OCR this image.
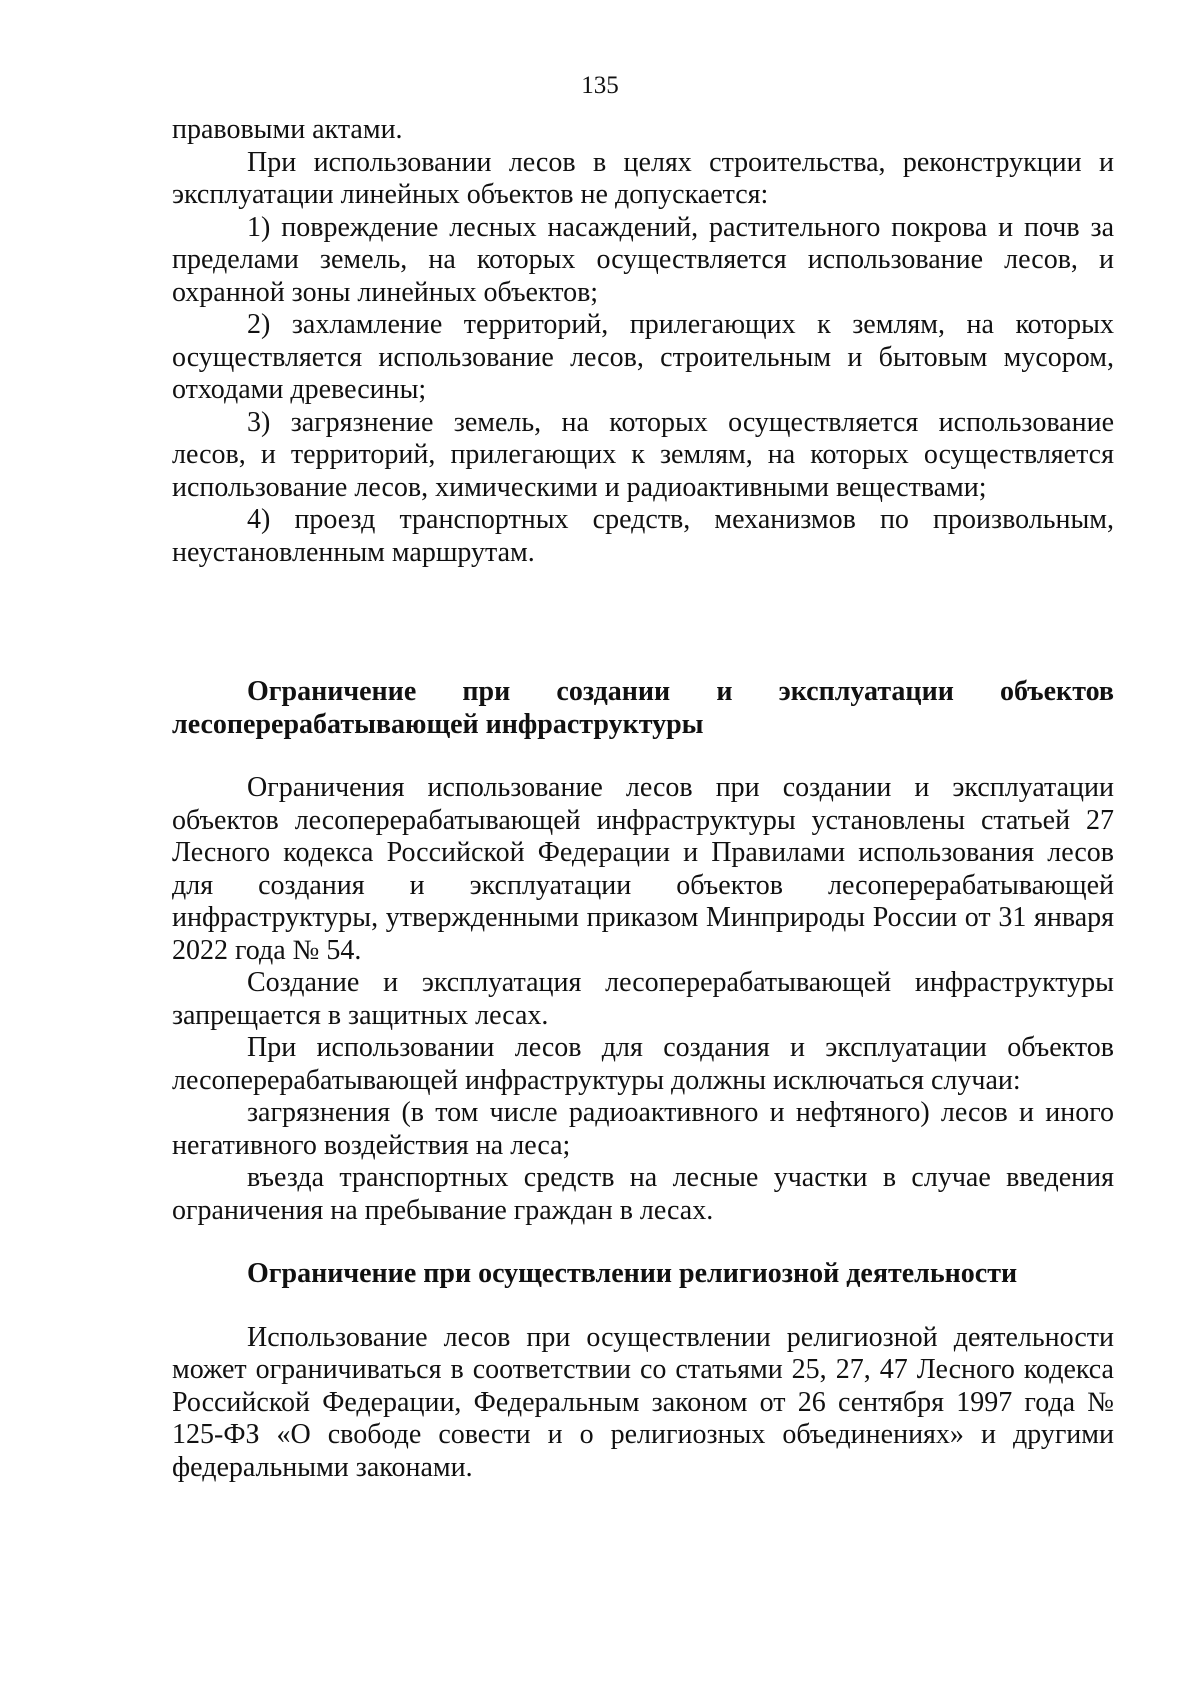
135

правовыми актами.

При использовании лесов в целях строительства, реконструкции и эксплуатации линейных объектов не допускается:

1) повреждение лесных насаждений, растительного покрова и почв за пределами земель, на которых осуществляется использование лесов, и охранной зоны линейных объектов;

2) захламление территорий, прилегающих к землям, на которых осуществляется использование лесов, строительным и бытовым мусором, отходами древесины;

3) загрязнение земель, на которых осуществляется использование лесов, и территорий, прилегающих к землям, на которых осуществляется использование лесов, химическими и радиоактивными веществами;

4) проезд транспортных средств, механизмов по произвольным, неустановленным маршрутам.

Ограничение при создании и эксплуатации объектов лесоперерабатывающей инфраструктуры

Ограничения использование лесов при создании и эксплуатации объектов лесоперерабатывающей инфраструктуры установлены статьей 27 Лесного кодекса Российской Федерации и Правилами использования лесов для создания и эксплуатации объектов лесоперерабатывающей инфраструктуры, утвержденными приказом Минприроды России от 31 января 2022 года № 54.

Создание и эксплуатация лесоперерабатывающей инфраструктуры запрещается в защитных лесах.

При использовании лесов для создания и эксплуатации объектов лесоперерабатывающей инфраструктуры должны исключаться случаи:

загрязнения (в том числе радиоактивного и нефтяного) лесов и иного негативного воздействия на леса;

въезда транспортных средств на лесные участки в случае введения ограничения на пребывание граждан в лесах.

Ограничение при осуществлении религиозной деятельности

Использование лесов при осуществлении религиозной деятельности может ограничиваться в соответствии со статьями 25, 27, 47 Лесного кодекса Российской Федерации, Федеральным законом от 26 сентября 1997 года № 125-ФЗ «О свободе совести и о религиозных объединениях» и другими федеральными законами.
